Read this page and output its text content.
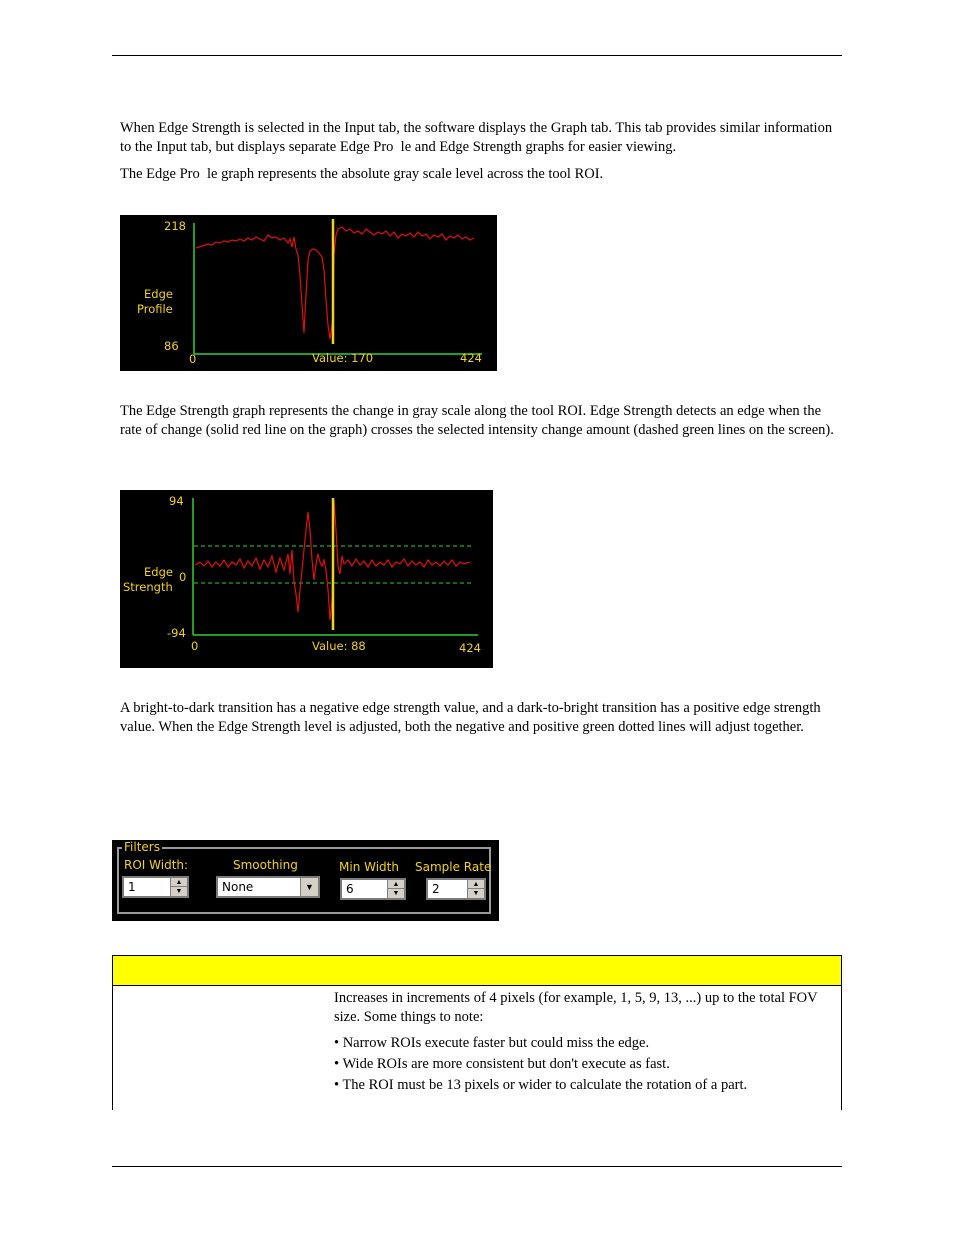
When Edge Strength is selected in the Input tab, the software displays the Graph tab. This tab provides similar information to the Input tab, but displays separate Edge Pro  le and Edge Strength graphs for easier viewing.

The Edge Pro  le graph represents the absolute gray scale level across the tool ROI.

218
Edge
Profile
86
0	Value: 170	424

The Edge Strength graph represents the change in gray scale along the tool ROI. Edge Strength detects an edge when the rate of change (solid red line on the graph) crosses the selected intensity change amount (dashed green lines on the screen).

94
Edge 0
Strength
-94
0	Value: 88	424

A bright-to-dark transition has a negative edge strength value, and a dark-to-bright transition has a positive edge strength value. When the Edge Strength level is adjusted, both the negative and positive green dotted lines will adjust together.

Filters
ROI Width:
1	▲
▼
Smoothing
None	▼
Min Width
6	▲
▼
Sample Rate
2	▲
▼

Increases in increments of 4 pixels (for example, 1, 5, 9, 13, ...) up to the total FOV size. Some things to note:

• Narrow ROIs execute faster but could miss the edge.

• Wide ROIs are more consistent but don't execute as fast.

• The ROI must be 13 pixels or wider to calculate the rotation of a part.
